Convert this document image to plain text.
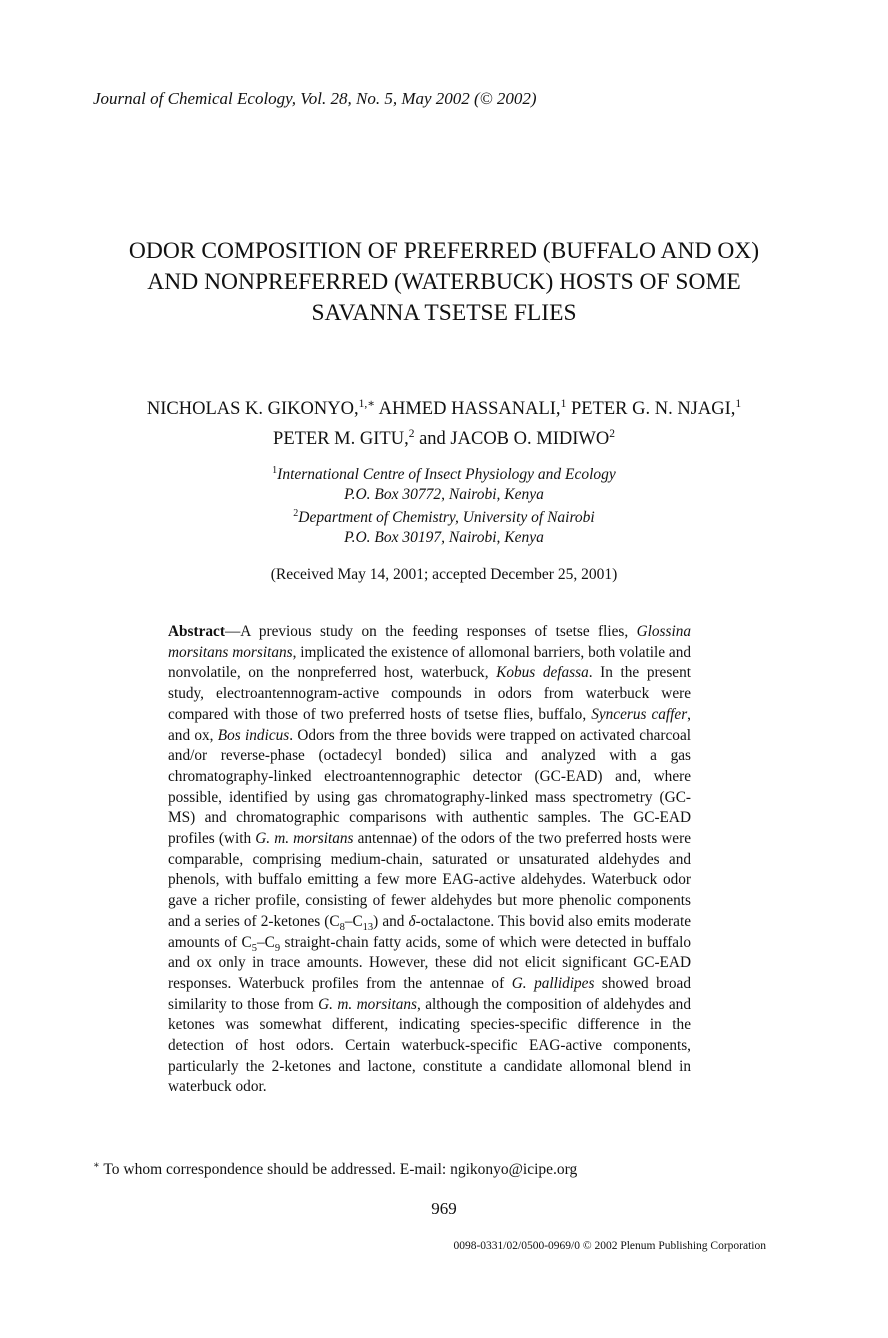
Journal of Chemical Ecology, Vol. 28, No. 5, May 2002 (© 2002)
ODOR COMPOSITION OF PREFERRED (BUFFALO AND OX)
AND NONPREFERRED (WATERBUCK) HOSTS OF SOME
SAVANNA TSETSE FLIES
NICHOLAS K. GIKONYO,$^{1,∗}$ AHMED HASSANALI,$^1$ PETER G. N. NJAGI,$^1$
PETER M. GITU,$^2$ and JACOB O. MIDIWO$^2$
$^1$International Centre of Insect Physiology and Ecology
P.O. Box 30772, Nairobi, Kenya
$^2$Department of Chemistry, University of Nairobi
P.O. Box 30197, Nairobi, Kenya
(Received May 14, 2001; accepted December 25, 2001)
Abstract—A previous study on the feeding responses of tsetse flies, Glossina morsitans morsitans, implicated the existence of allomonal barriers, both volatile and nonvolatile, on the nonpreferred host, waterbuck, Kobus defassa. In the present study, electroantennogram-active compounds in odors from waterbuck were compared with those of two preferred hosts of tsetse flies, buffalo, Syncerus caffer, and ox, Bos indicus. Odors from the three bovids were trapped on activated charcoal and/or reverse-phase (octadecyl bonded) silica and analyzed with a gas chromatography-linked electroantennographic detector (GC-EAD) and, where possible, identified by using gas chromatography-linked mass spectrometry (GC-MS) and chromatographic comparisons with authentic samples. The GC-EAD profiles (with G. m. morsitans antennae) of the odors of the two preferred hosts were comparable, comprising medium-chain, saturated or unsaturated aldehydes and phenols, with buffalo emitting a few more EAG-active aldehydes. Waterbuck odor gave a richer profile, consisting of fewer aldehydes but more phenolic components and a series of 2-ketones $(C_8-C_{13})$ and δ-octalactone. This bovid also emits moderate amounts of $C_5-C_9$ straight-chain fatty acids, some of which were detected in buffalo and ox only in trace amounts. However, these did not elicit significant GC-EAD responses. Waterbuck profiles from the antennae of G. pallidipes showed broad similarity to those from G. m. morsitans, although the composition of aldehydes and ketones was somewhat different, indicating species-specific difference in the detection of host odors. Certain waterbuck-specific EAG-active components, particularly the 2-ketones and lactone, constitute a candidate allomonal blend in waterbuck odor.
∗ To whom correspondence should be addressed. E-mail: ngikonyo@icipe.org
969
0098-0331/02/0500-0969/0 © 2002 Plenum Publishing Corporation
